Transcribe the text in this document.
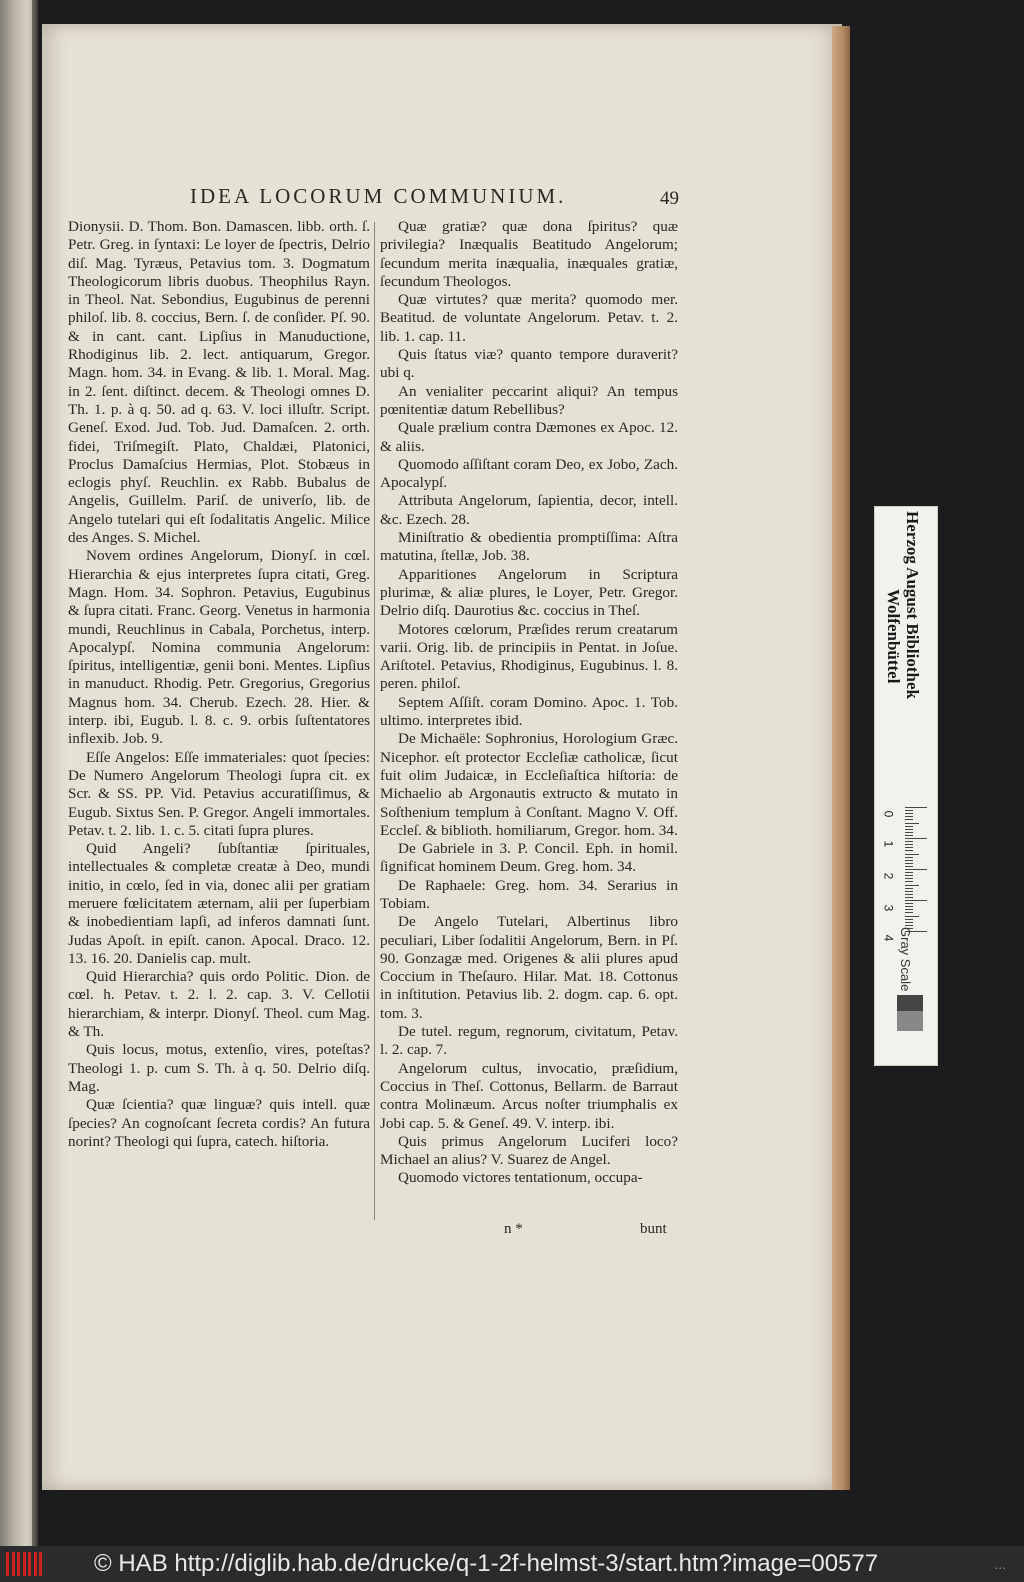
IDEA LOCORUM COMMUNIUM.	49

Dionysii. D. Thom. Bon. Damascen. libb. orth. ſ. Petr. Greg. in ſyntaxi: Le loyer de ſpectris, Delrio diſ. Mag. Tyræus, Petavius tom. 3. Dogmatum Theologicorum libris duobus. Theophilus Rayn. in Theol. Nat. Sebondius, Eugubinus de perenni philoſ. lib. 8. coccius, Bern. ſ. de conſider. Pſ. 90. & in cant. cant. Lipſius in Manuductione, Rhodiginus lib. 2. lect. antiquarum, Gregor. Magn. hom. 34. in Evang. & lib. 1. Moral. Mag. in 2. ſent. diſtinct. decem. & Theologi omnes D. Th. 1. p. à q. 50. ad q. 63. V. loci illuſtr. Script. Geneſ. Exod. Jud. Tob. Jud. Damaſcen. 2. orth. fidei, Triſmegiſt. Plato, Chaldæi, Platonici, Proclus Damaſcius Hermias, Plot. Stobæus in eclogis phyſ. Reuchlin. ex Rabb. Bubalus de Angelis, Guillelm. Pariſ. de univerſo, lib. de Angelo tutelari qui eſt ſodalitatis Angelic. Milice des Anges. S. Michel.

Novem ordines Angelorum, Dionyſ. in cœl. Hierarchia & ejus interpretes ſupra citati, Greg. Magn. Hom. 34. Sophron. Petavius, Eugubinus & ſupra citati. Franc. Georg. Venetus in harmonia mundi, Reuchlinus in Cabala, Porchetus, interp. Apocalypſ. Nomina communia Angelorum: ſpiritus, intelligentiæ, genii boni. Mentes. Lipſius in manuduct. Rhodig. Petr. Gregorius, Gregorius Magnus hom. 34. Cherub. Ezech. 28. Hier. & interp. ibi, Eugub. l. 8. c. 9. orbis ſuſtentatores inflexib. Job. 9.

Eſſe Angelos: Eſſe immateriales: quot ſpecies: De Numero Angelorum Theologi ſupra cit. ex Scr. & SS. PP. Vid. Petavius accuratiſſimus, & Eugub. Sixtus Sen. P. Gregor. Angeli immortales. Petav. t. 2. lib. 1. c. 5. citati ſupra plures.

Quid Angeli? ſubſtantiæ ſpirituales, intellectuales & completæ creatæ à Deo, mundi initio, in cœlo, ſed in via, donec alii per gratiam meruere fœlicitatem æternam, alii per ſuperbiam & inobedientiam lapſi, ad inferos damnati ſunt. Judas Apoſt. in epiſt. canon. Apocal. Draco. 12. 13. 16. 20. Danielis cap. mult.

Quid Hierarchia? quis ordo Politic. Dion. de cœl. h. Petav. t. 2. l. 2. cap. 3. V. Cellotii hierarchiam, & interpr. Dionyſ. Theol. cum Mag. & Th.

Quis locus, motus, extenſio, vires, poteſtas? Theologi 1. p. cum S. Th. à q. 50. Delrio diſq. Mag.

Quæ ſcientia? quæ linguæ? quis intell. quæ ſpecies? An cognoſcant ſecreta cordis? An futura norint? Theologi qui ſupra, catech. hiſtoria.

Quæ gratiæ? quæ dona ſpiritus? quæ privilegia? Inæqualis Beatitudo Angelorum; ſecundum merita inæqualia, inæquales gratiæ, ſecundum Theologos.

Quæ virtutes? quæ merita? quomodo mer. Beatitud. de voluntate Angelorum. Petav. t. 2. lib. 1. cap. 11.

Quis ſtatus viæ? quanto tempore duraverit? ubi q.

An venialiter peccarint aliqui? An tempus pœnitentiæ datum Rebellibus?

Quale prælium contra Dæmones ex Apoc. 12. & aliis.

Quomodo aſſiſtant coram Deo, ex Jobo, Zach. Apocalypſ.

Attributa Angelorum, ſapientia, decor, intell. &c. Ezech. 28.

Miniſtratio & obedientia promptiſſima: Aſtra matutina, ſtellæ, Job. 38.

Apparitiones Angelorum in Scriptura plurimæ, & aliæ plures, le Loyer, Petr. Gregor. Delrio diſq. Daurotius &c. coccius in Theſ.

Motores cœlorum, Præſides rerum creatarum varii. Orig. lib. de principiis in Pentat. in Joſue. Ariſtotel. Petavius, Rhodiginus, Eugubinus. l. 8. peren. philoſ.

Septem Aſſiſt. coram Domino. Apoc. 1. Tob. ultimo. interpretes ibid.

De Michaële: Sophronius, Horologium Græc. Nicephor. eſt protector Eccleſiæ catholicæ, ſicut fuit olim Judaicæ, in Eccleſiaſtica hiſtoria: de Michaelio ab Argonautis extructo & mutato in Soſthenium templum à Conſtant. Magno V. Off. Eccleſ. & biblioth. homiliarum, Gregor. hom. 34.

De Gabriele in 3. P. Concil. Eph. in homil. ſignificat hominem Deum. Greg. hom. 34.

De Raphaele: Greg. hom. 34. Serarius in Tobiam.

De Angelo Tutelari, Albertinus libro peculiari, Liber ſodalitii Angelorum, Bern. in Pſ. 90. Gonzagæ med. Origenes & alii plures apud Coccium in Theſauro. Hilar. Mat. 18. Cottonus in inſtitution. Petavius lib. 2. dogm. cap. 6. opt. tom. 3.

De tutel. regum, regnorum, civitatum, Petav. l. 2. cap. 7.

Angelorum cultus, invocatio, præſidium, Coccius in Theſ. Cottonus, Bellarm. de Barraut contra Molinæum. Arcus noſter triumphalis ex Jobi cap. 5. & Geneſ. 49. V. interp. ibi.

Quis primus Angelorum Luciferi loco? Michael an alius? V. Suarez de Angel.

Quomodo victores tentationum, occupa-

n *	bunt
Herzog August Bibliothek
Wolfenbüttel
0
1
2
3
4 Gray Scale
© HAB http://diglib.hab.de/drucke/q-1-2f-helmst-3/start.htm?image=00577	...
